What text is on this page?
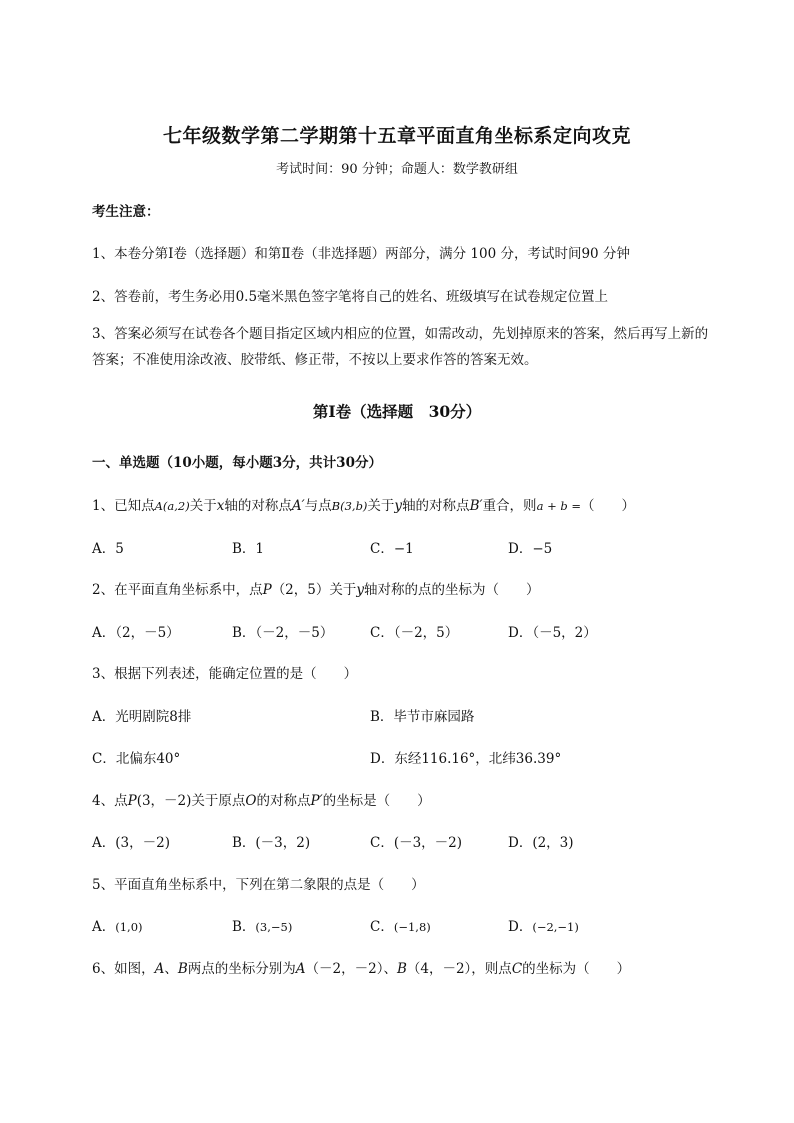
七年级数学第二学期第十五章平面直角坐标系定向攻克
考试时间：90 分钟；命题人：数学教研组
考生注意：
1、本卷分第Ⅰ卷（选择题）和第Ⅱ卷（非选择题）两部分，满分 100 分，考试时间90 分钟
2、答卷前，考生务必用0.5毫米黑色签字笔将自己的姓名、班级填写在试卷规定位置上
3、答案必须写在试卷各个题目指定区域内相应的位置，如需改动，先划掉原来的答案，然后再写上新的答案；不准使用涂改液、胶带纸、修正带，不按以上要求作答的答案无效。
第Ⅰ卷（选择题　30分）
一、单选题（10小题，每小题3分，共计30分）
1、已知点A(a,2)关于x轴的对称点A′与点B(3,b)关于y轴的对称点B′重合，则a + b =（　　）
A．5	B．1	C．−1	D．−5
2、在平面直角坐标系中，点P（2，5）关于y轴对称的点的坐标为（　　）
A．（2，－5）	B．（－2，－5）	C．（－2，5）	D．（－5，2）
3、根据下列表述，能确定位置的是（　　）
A．光明剧院8排	B．毕节市麻园路
C．北偏东40°	D．东经116.16°，北纬36.39°
4、点P(3，－2)关于原点O的对称点P′的坐标是（　　）
A．(3，－2)	B．(－3，2)	C．(－3，－2)	D．(2，3)
5、平面直角坐标系中，下列在第二象限的点是（　　）
A．(1,0)	B．(3,−5)	C．(−1,8)	D．(−2,−1)
6、如图，A、B两点的坐标分别为A（－2，－2）、B（4，－2），则点C的坐标为（　　）
